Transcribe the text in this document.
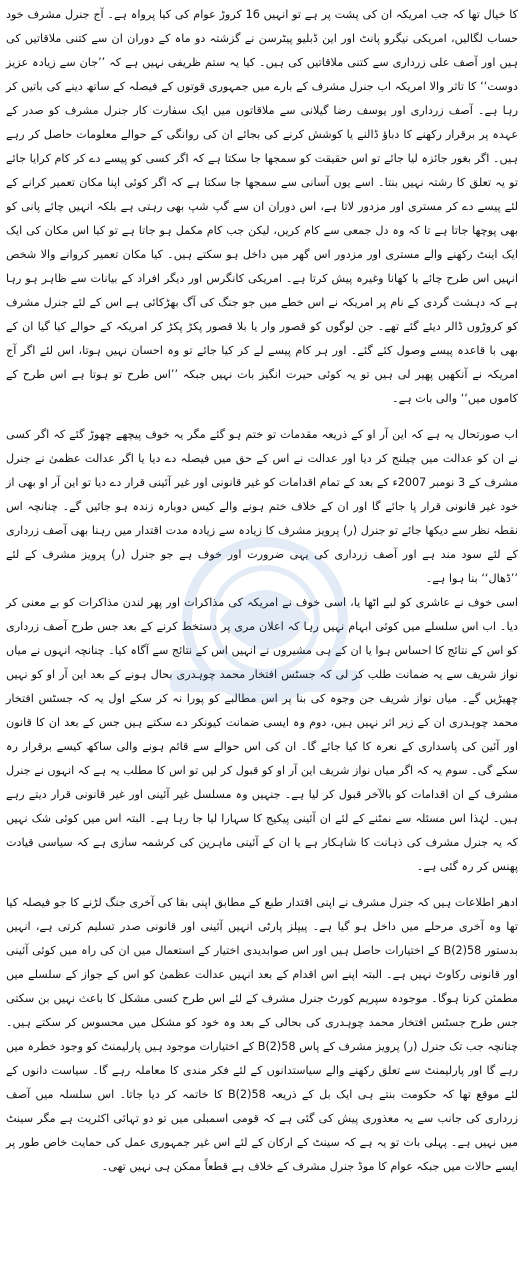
کا خیال تھا کہ جب امریکہ ان کی پشت پر ہے تو انہیں 16 کروڑ عوام کی کیا پرواہ ہے۔ آج جنرل مشرف خود حساب لگالیں، امریکی نیگرو پانٹ اور این ڈبلیو پیٹرسن نے گزشتہ دو ماہ کے دوران ان سے کتنی ملاقاتیں کی ہیں اور آصف علی زرداری سے کتنی ملاقاتیں کی ہیں۔ کیا یہ ستم ظریفی نہیں ہے کہ ’’جان سے زیادہ عزیز دوست‘‘ کا تاثر والا امریکہ اب جنرل مشرف کے بارے میں جمہوری قوتوں کے فیصلہ کے ساتھ دینے کی باتیں کر رہا ہے۔ آصف زرداری اور یوسف رضا گیلانی سے ملاقاتوں میں ایک سفارت کار جنرل مشرف کو صدر کے عہدہ پر برقرار رکھنے کا دباؤ ڈالنے یا کوشش کرنے کی بجائے ان کی روانگی کے حوالے معلومات حاصل کر رہے ہیں۔ اگر بغور جائزہ لیا جائے تو اس حقیقت کو سمجھا جا سکتا ہے کہ اگر کسی کو پیسے دے کر کام کرایا جائے تو یہ تعلق کا رشتہ نہیں بنتا۔ اسے یوں آسانی سے سمجھا جا سکتا ہے کہ اگر کوئی اپنا مکان تعمیر کرانے کے لئے پیسے دے کر مستری اور مزدور لاتا ہے، اس دوران ان سے گپ شپ بھی رہتی ہے بلکہ انہیں چائے پانی کو بھی پوچھا جاتا ہے تا کہ وہ دل جمعی سے کام کریں، لیکن جب کام مکمل ہو جاتا ہے تو کیا اس مکان کی ایک ایک اینٹ رکھنے والے مستری اور مزدور اس گھر میں داخل ہو سکتے ہیں۔ کیا مکان تعمیر کروانے والا شخص انہیں اس طرح چائے یا کھانا وغیرہ پیش کرتا ہے۔ امریکی کانگرس اور دیگر افراد کے بیانات سے ظاہر ہو رہا ہے کہ دہشت گردی کے نام پر امریکہ نے اس خطے میں جو جنگ کی آگ بھڑکائی ہے اس کے لئے جنرل مشرف کو کروڑوں ڈالر دیئے گئے تھے۔ جن لوگوں کو قصور وار یا بلا قصور پکڑ پکڑ کر امریکہ کے حوالے کیا گیا ان کے بھی با قاعدہ پیسے وصول کئے گئے۔ اور ہر کام پیسے لے کر کیا جائے تو وہ احسان نہیں ہوتا، اس لئے اگر آج امریکہ نے آنکھیں پھیر لی ہیں تو یہ کوئی حیرت انگیز بات نہیں جبکہ ’’اس طرح تو ہوتا ہے اس طرح کے کاموں میں‘‘ والی بات ہے۔

اب صورتحال یہ ہے کہ این آر او کے ذریعہ مقدمات تو ختم ہو گئے مگر یہ خوف پیچھے چھوڑ گئے کہ اگر کسی نے ان کو عدالت میں چیلنج کر دیا اور عدالت نے اس کے حق میں فیصلہ دے دیا یا اگر عدالت عظمیٰ نے جنرل مشرف کے 3 نومبر 2007ء کے بعد کے تمام اقدامات کو غیر قانونی اور غیر آئینی قرار دے دیا تو این آر او بھی از خود غیر قانونی قرار پا جائے گا اور ان کے خلاف ختم ہونے والے کیس دوبارہ زندہ ہو جائیں گے۔ چنانچہ اس نقطہ نظر سے دیکھا جائے تو جنرل (ر) پرویز مشرف کا زیادہ سے زیادہ مدت اقتدار میں رہنا بھی آصف زرداری کے لئے سود مند ہے اور آصف زرداری کی یہی ضرورت اور خوف ہے جو جنرل (ر) پرویز مشرف کے لئے ’’ڈھال‘‘ بنا ہوا ہے۔

اسی خوف نے عاشری کو لبے اٹھا یا، اسی خوف نے امریکہ کی مذاکرات اور پھر لندن مذاکرات کو بے معنی کر دیا۔ اب اس سلسلے میں کوئی ابہام نہیں رہا کہ اعلان مری پر دستخط کرنے کے بعد جس طرح آصف زرداری کو اس کے نتائج کا احساس ہوا یا ان کے ہی مشیروں نے انہیں اس کے نتائج سے آگاہ کیا۔ چنانچہ انہوں نے میاں نواز شریف سے یہ ضمانت طلب کر لی کہ جسٹس افتخار محمد چوہدری بحال ہونے کے بعد این آر او کو نہیں چھیڑیں گے۔ میاں نواز شریف جن وجوہ کی بنا پر اس مطالبے کو پورا نہ کر سکے اول یہ کہ جسٹس افتخار محمد چوہدری ان کے زیر اثر نہیں ہیں، دوم وہ ایسی ضمانت کیونکر دے سکتے ہیں جس کے بعد ان کا قانون اور آئین کی پاسداری کے نعرہ کا کیا جائے گا۔ ان کی اس حوالے سے قائم ہونے والی ساکھ کیسے برقرار رہ سکے گی۔ سوم یہ کہ اگر میاں نواز شریف این آر او کو قبول کر لیں تو اس کا مطلب یہ ہے کہ انہوں نے جنرل مشرف کے ان اقدامات کو بالآخر قبول کر لیا ہے۔ جنہیں وہ مسلسل غیر آئینی اور غیر قانونی قرار دیتے رہے ہیں۔ لہٰذا اس مسئلہ سے نمٹنے کے لئے ان آئینی پیکیج کا سہارا لیا جا رہا ہے۔ البتہ اس میں کوئی شک نہیں کہ یہ جنرل مشرف کی ذہانت کا شاہکار ہے یا ان کے آئینی ماہرین کی کرشمہ سازی ہے کہ سیاسی قیادت پھنس کر رہ گئی ہے۔

ادھر اطلاعات ہیں کہ جنرل مشرف نے اپنی اقتدار طبع کے مطابق اپنی بقا کی آخری جنگ لڑنے کا جو فیصلہ کیا تھا وہ آخری مرحلے میں داخل ہو گیا ہے۔ پیپلز پارٹی انہیں آئینی اور قانونی صدر تسلیم کرتی ہے، انہیں بدستور B(2)58 کے اختیارات حاصل ہیں اور اس صوابدیدی اختیار کے استعمال میں ان کی راہ میں کوئی آئینی اور قانونی رکاوٹ نہیں ہے۔ البتہ اپنے اس اقدام کے بعد انہیں عدالت عظمیٰ کو اس کے جواز کے سلسلے میں مطمئن کرنا ہوگا۔ موجودہ سپریم کورٹ جنرل مشرف کے لئے اس طرح کسی مشکل کا باعث نہیں بن سکتی جس طرح جسٹس افتخار محمد چوہدری کی بحالی کے بعد وہ خود کو مشکل میں محسوس کر سکتے ہیں۔ چنانچہ جب تک جنرل (ر) پرویز مشرف کے پاس B(2)58 کے اختیارات موجود ہیں پارلیمنٹ کو وجود خطرہ میں رہے گا اور پارلیمنٹ سے تعلق رکھنے والے سیاستدانوں کے لئے فکر مندی کا معاملہ رہے گا۔ سیاست دانوں کے لئے موقع تھا کہ حکومت بنتے ہی ایک بل کے ذریعہ B(2)58 کا خاتمہ کر دیا جاتا۔ اس سلسلہ میں آصف زرداری کی جانب سے یہ معذوری پیش کی گئی ہے کہ قومی اسمبلی میں تو دو تہائی اکثریت ہے مگر سینٹ میں نہیں ہے۔ پہلی بات تو یہ ہے کہ سینٹ کے ارکان کے لئے اس غیر جمہوری عمل کی حمایت خاص طور پر ایسے حالات میں جبکہ عوام کا موڈ جنرل مشرف کے خلاف ہے قطعاً ممکن ہی نہیں تھی۔
